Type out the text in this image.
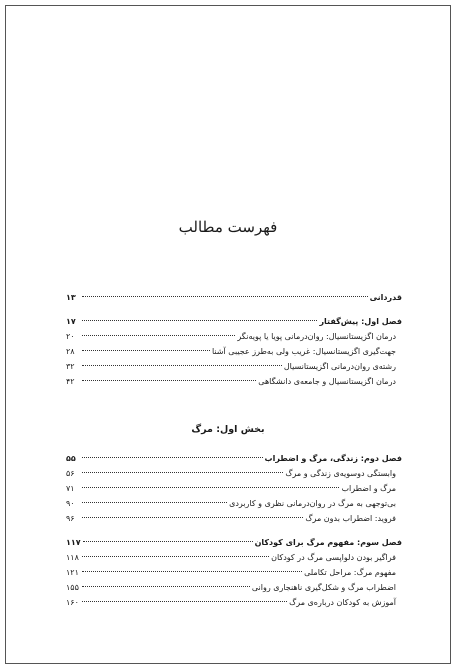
فهرست مطالب
قدردانی
۱۳
فصل اول: پیش‌گفتار
۱۷
درمان اگزیستانسیال: روان‌درمانی پویا یا پویه‌نگر
۲۰
جهت‌گیری اگزیستانسیال: غریب ولی به‌طرز عجیبی آشنا
۲۸
رشته‌ی روان‌درمانی اگزیستانسیال
۳۲
درمان اگزیستانسیال و جامعه‌ی دانشگاهی
۴۲
بخش اول: مرگ
فصل دوم: زندگی، مرگ و اضطراب
۵۵
وابستگی دوسویه‌ی زندگی و مرگ
۵۶
مرگ و اضطراب
۷۱
بی‌توجهی به مرگ در روان‌درمانی نظری و کاربردی
۹۰
فروید: اضطراب بدون مرگ
۹۶
فصل سوم: مفهوم مرگ برای کودکان
۱۱۷
فراگیر بودن دلواپسی مرگ در کودکان
۱۱۸
مفهوم مرگ: مراحل تکاملی
۱۲۱
اضطراب مرگ و شکل‌گیری ناهنجاری روانی
۱۵۵
آموزش به کودکان درباره‌ی مرگ
۱۶۰
